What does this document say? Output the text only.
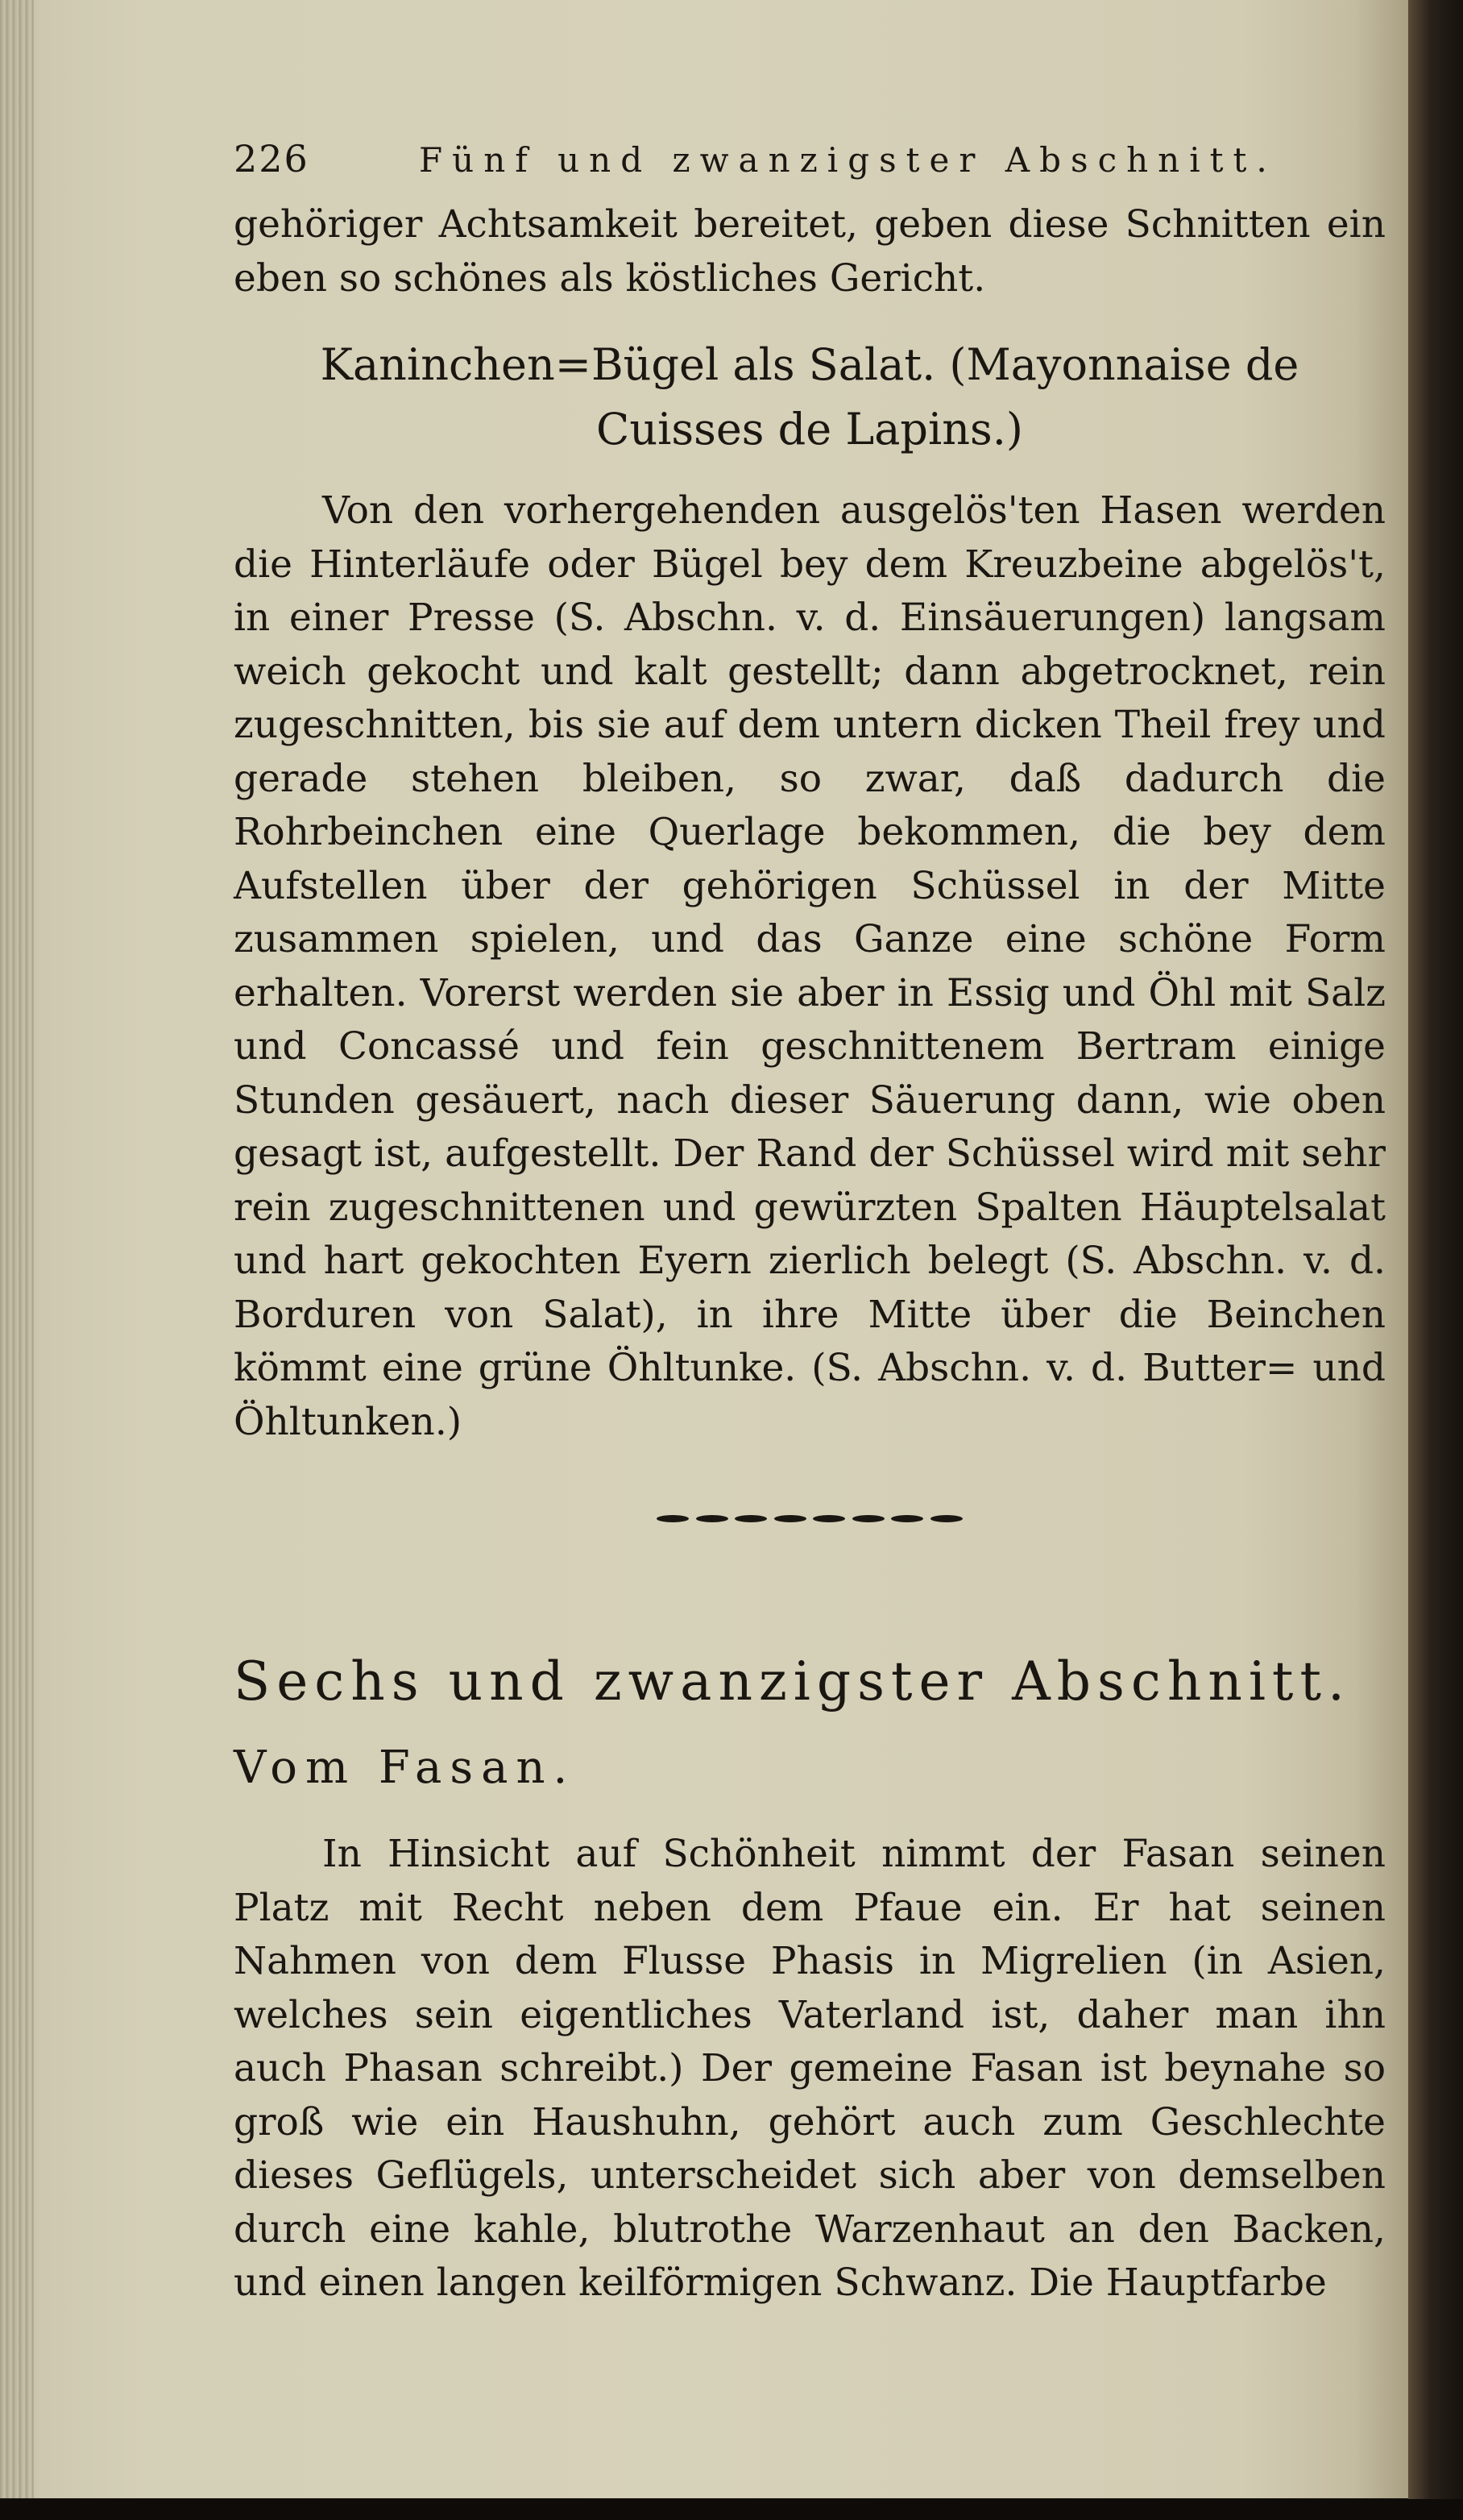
226	Fünf und zwanzigster Abschnitt.

gehöriger Achtsamkeit bereitet, geben diese Schnitten ein eben so schönes als köstliches Gericht.

Kaninchen=Bügel als Salat. (Mayonnaise de Cuisses de Lapins.)

Von den vorhergehenden ausgelös'ten Hasen werden die Hinterläufe oder Bügel bey dem Kreuzbeine abgelös't, in einer Presse (S. Abschn. v. d. Einsäuerungen) langsam weich gekocht und kalt gestellt; dann abgetrocknet, rein zugeschnitten, bis sie auf dem untern dicken Theil frey und gerade stehen bleiben, so zwar, daß dadurch die Rohrbeinchen eine Querlage bekommen, die bey dem Aufstellen über der gehörigen Schüssel in der Mitte zusammen spielen, und das Ganze eine schöne Form erhalten. Vorerst werden sie aber in Essig und Öhl mit Salz und Concassé und fein geschnittenem Bertram einige Stunden gesäuert, nach dieser Säuerung dann, wie oben gesagt ist, aufgestellt. Der Rand der Schüssel wird mit sehr rein zugeschnittenen und gewürzten Spalten Häuptelsalat und hart gekochten Eyern zierlich belegt (S. Abschn. v. d. Borduren von Salat), in ihre Mitte über die Beinchen kömmt eine grüne Öhltunke. (S. Abschn. v. d. Butter= und Öhltunken.)

Sechs und zwanzigster Abschnitt.

Vom Fasan.

In Hinsicht auf Schönheit nimmt der Fasan seinen Platz mit Recht neben dem Pfaue ein. Er hat seinen Nahmen von dem Flusse Phasis in Migrelien (in Asien, welches sein eigentliches Vaterland ist, daher man ihn auch Phasan schreibt.) Der gemeine Fasan ist beynahe so groß wie ein Haushuhn, gehört auch zum Geschlechte dieses Geflügels, unterscheidet sich aber von demselben durch eine kahle, blutrothe Warzenhaut an den Backen, und einen langen keilförmigen Schwanz. Die Hauptfarbe
